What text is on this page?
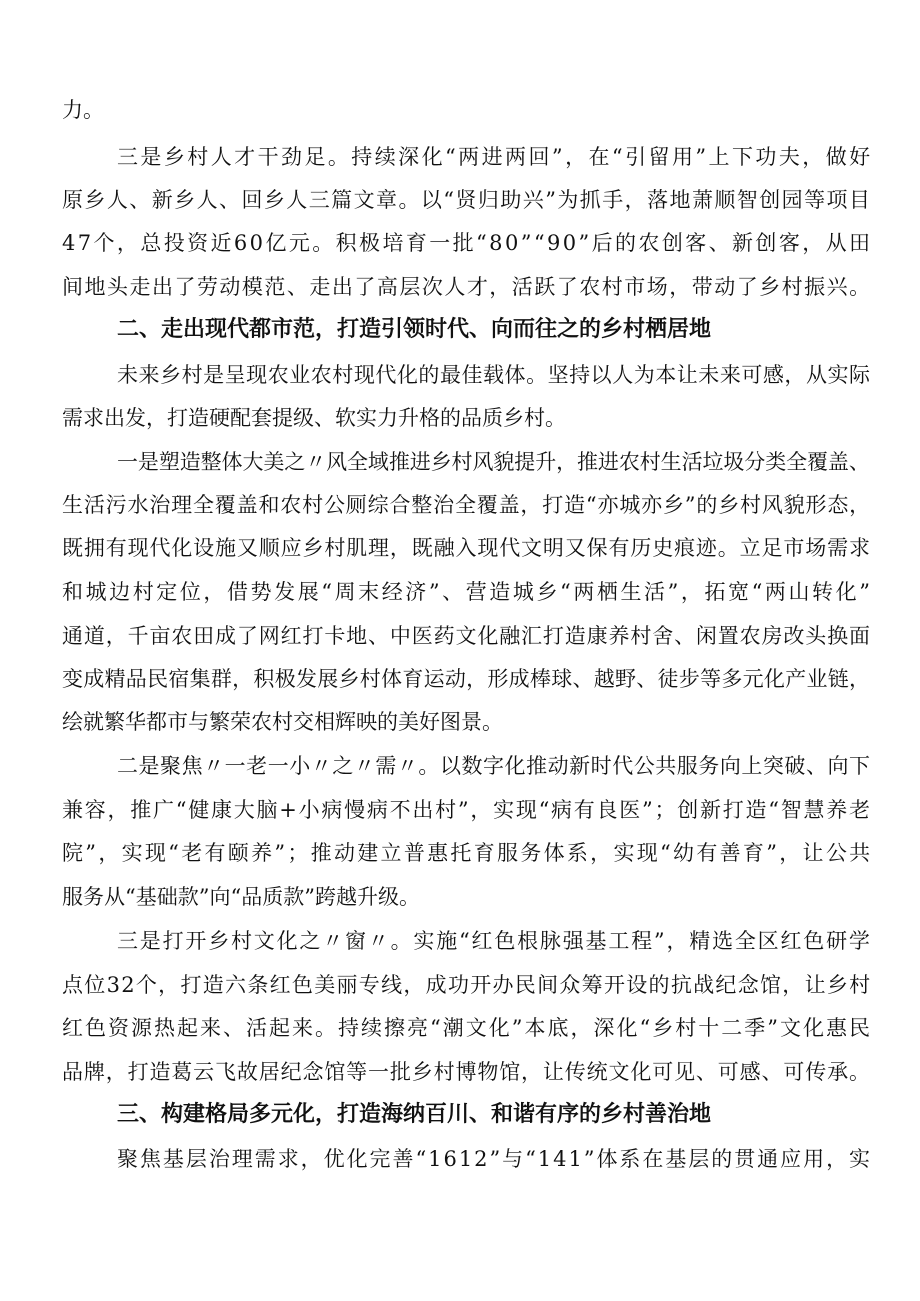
力。
三是乡村人才干劲足。持续深化“两进两回”，在“引留用”上下功夫，做好
原乡人、新乡人、回乡人三篇文章。以“贤归助兴”为抓手，落地萧顺智创园等项目
47个，总投资近60亿元。积极培育一批“80”“90”后的农创客、新创客，从田
间地头走出了劳动模范、走出了高层次人才，活跃了农村市场，带动了乡村振兴。
二、走出现代都市范，打造引领时代、向而往之的乡村栖居地
未来乡村是呈现农业农村现代化的最佳载体。坚持以人为本让未来可感，从实际
需求出发，打造硬配套提级、软实力升格的品质乡村。
一是塑造整体大美之〃风全域推进乡村风貌提升，推进农村生活垃圾分类全覆盖、
生活污水治理全覆盖和农村公厕综合整治全覆盖，打造“亦城亦乡”的乡村风貌形态，
既拥有现代化设施又顺应乡村肌理，既融入现代文明又保有历史痕迹。立足市场需求
和城边村定位，借势发展“周末经济”、营造城乡“两栖生活”，拓宽“两山转化”
通道，千亩农田成了网红打卡地、中医药文化融汇打造康养村舍、闲置农房改头换面
变成精品民宿集群，积极发展乡村体育运动，形成棒球、越野、徒步等多元化产业链，
绘就繁华都市与繁荣农村交相辉映的美好图景。
二是聚焦〃一老一小〃之〃需〃。以数字化推动新时代公共服务向上突破、向下
兼容，推广“健康大脑+小病慢病不出村”，实现“病有良医”；创新打造“智慧养老
院”，实现“老有颐养”；推动建立普惠托育服务体系，实现“幼有善育”，让公共
服务从“基础款”向“品质款”跨越升级。
三是打开乡村文化之〃窗〃。实施“红色根脉强基工程”，精选全区红色研学
点位32个，打造六条红色美丽专线，成功开办民间众筹开设的抗战纪念馆，让乡村
红色资源热起来、活起来。持续擦亮“潮文化”本底，深化“乡村十二季”文化惠民
品牌，打造葛云飞故居纪念馆等一批乡村博物馆，让传统文化可见、可感、可传承。
三、构建格局多元化，打造海纳百川、和谐有序的乡村善治地
聚焦基层治理需求，优化完善“1612”与“141”体系在基层的贯通应用，实
